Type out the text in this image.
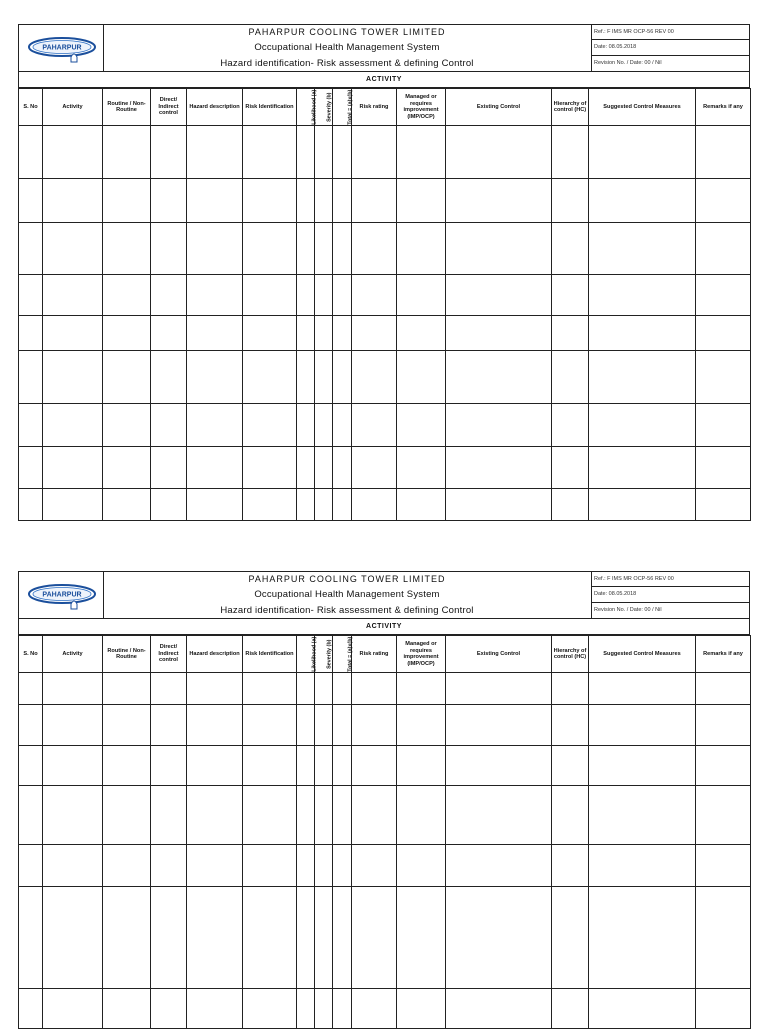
PAHARPUR
PAHARPUR COOLING TOWER LIMITED
Occupational Health Management System
Hazard identification- Risk assessment & defining Control
Ref.: F IMS MR OCP-56 REV 00
Date: 08.05.2018
Revision No. / Date: 00 / Nil
ACTIVITY
S. No	Activity	Routine / Non-Routine	Direct/ Indirect control	Hazard description	Risk Identification	Likelihood (a)	Severity (b)	Total = (a)x(b)	Risk rating	Managed or requires improvement (IMP/OCP)	Existing Control	Hierarchy of control (HC)	Suggested Control Measures	Remarks if any

PAHARPUR
PAHARPUR COOLING TOWER LIMITED
Occupational Health Management System
Hazard identification- Risk assessment & defining Control
Ref.: F IMS MR OCP-56 REV 00
Date: 08.05.2018
Revision No. / Date: 00 / Nil
ACTIVITY
S. No	Activity	Routine / Non-Routine	Direct/ Indirect control	Hazard description	Risk Identification	Likelihood (a)	Severity (b)	Total = (a)x(b)	Risk rating	Managed or requires improvement (IMP/OCP)	Existing Control	Hierarchy of control (HC)	Suggested Control Measures	Remarks if any
